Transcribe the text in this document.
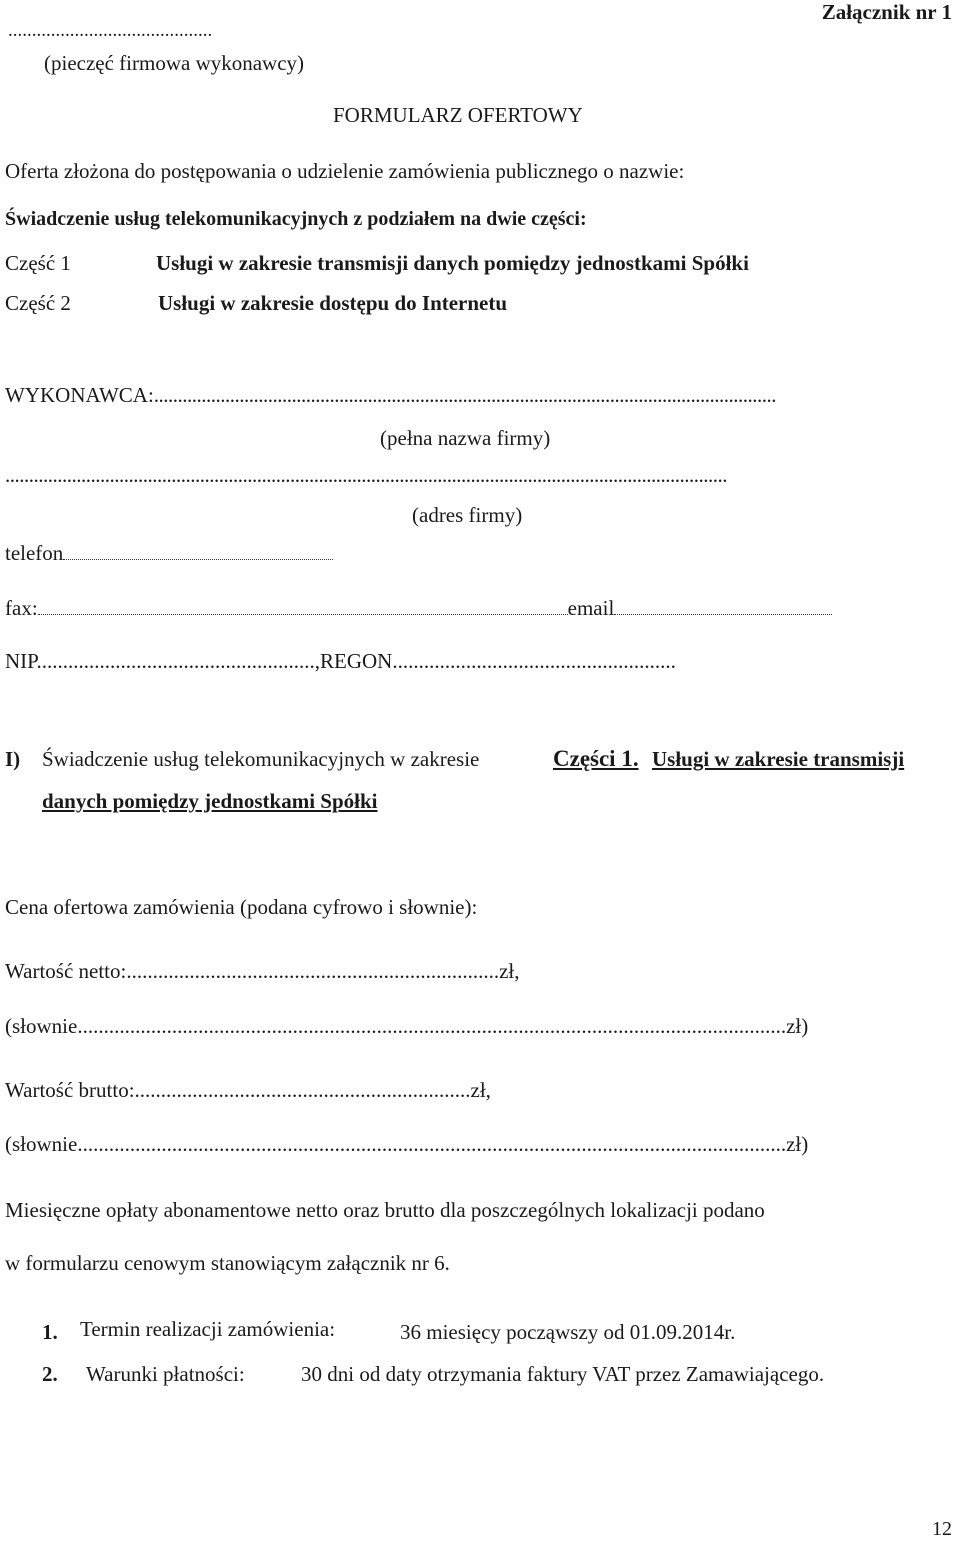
...........................................
(pieczęć firmowa wykonawcy)
Załącznik nr 1
FORMULARZ OFERTOWY
Oferta złożona do postępowania o udzielenie zamówienia publicznego o nazwie:
Świadczenie usług telekomunikacyjnych z podziałem na dwie części:
Część 1	Usługi w zakresie transmisji danych pomiędzy jednostkami Spółki
Część 2	Usługi w zakresie dostępu do Internetu
WYKONAWCA:...................................................................................................................................
(pełna nazwa firmy)
........................................................................................................................................................
(adres firmy)
telefon
fax:	email
NIP.....................................................,REGON......................................................
I) Świadczenie usług telekomunikacyjnych w zakresie	Części 1. Usługi w zakresie transmisji
danych pomiędzy jednostkami Spółki
Cena ofertowa zamówienia (podana cyfrowo i słownie):
Wartość netto:.......................................................................zł,
(słownie.......................................................................................................................................zł)
Wartość brutto:................................................................zł,
(słownie.......................................................................................................................................zł)
Miesięczne opłaty abonamentowe netto oraz brutto dla poszczególnych lokalizacji podano
w formularzu cenowym stanowiącym załącznik nr 6.
1. Termin realizacji zamówienia:	36 miesięcy począwszy od 01.09.2014r.
2. Warunki płatności:	30 dni od daty otrzymania faktury VAT przez Zamawiającego.
12
